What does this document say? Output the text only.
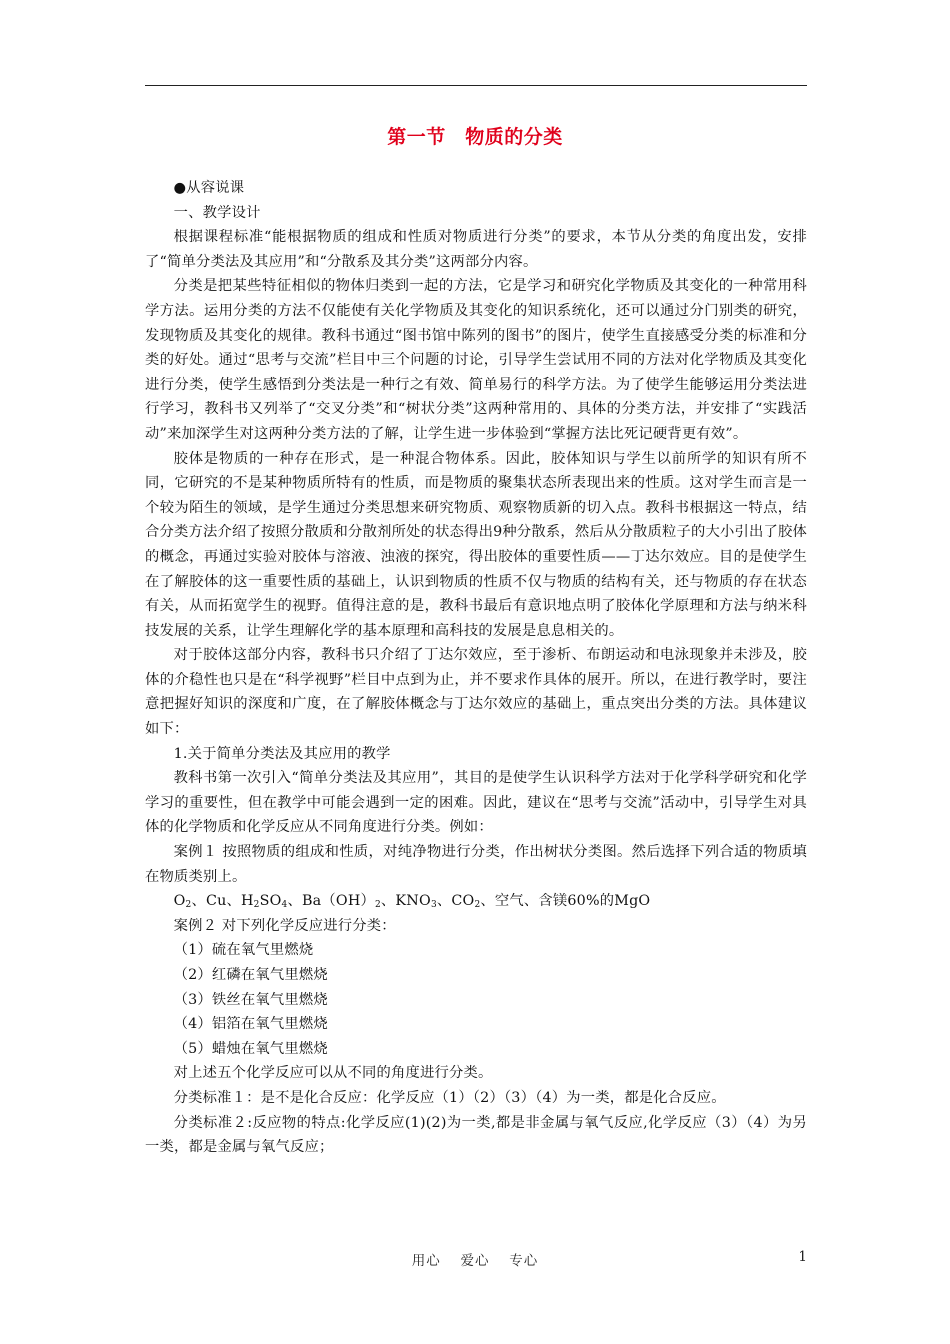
第一节　物质的分类

●从容说课

一、教学设计

根据课程标准“能根据物质的组成和性质对物质进行分类”的要求，本节从分类的角度出发，安排了“简单分类法及其应用”和“分散系及其分类”这两部分内容。

分类是把某些特征相似的物体归类到一起的方法，它是学习和研究化学物质及其变化的一种常用科学方法。运用分类的方法不仅能使有关化学物质及其变化的知识系统化，还可以通过分门别类的研究，发现物质及其变化的规律。教科书通过“图书馆中陈列的图书”的图片，使学生直接感受分类的标准和分类的好处。通过“思考与交流”栏目中三个问题的讨论，引导学生尝试用不同的方法对化学物质及其变化进行分类，使学生感悟到分类法是一种行之有效、简单易行的科学方法。为了使学生能够运用分类法进行学习，教科书又列举了“交叉分类”和“树状分类”这两种常用的、具体的分类方法，并安排了“实践活动”来加深学生对这两种分类方法的了解，让学生进一步体验到“掌握方法比死记硬背更有效”。

胶体是物质的一种存在形式，是一种混合物体系。因此，胶体知识与学生以前所学的知识有所不同，它研究的不是某种物质所特有的性质，而是物质的聚集状态所表现出来的性质。这对学生而言是一个较为陌生的领域，是学生通过分类思想来研究物质、观察物质新的切入点。教科书根据这一特点，结合分类方法介绍了按照分散质和分散剂所处的状态得出9种分散系，然后从分散质粒子的大小引出了胶体的概念，再通过实验对胶体与溶液、浊液的探究，得出胶体的重要性质——丁达尔效应。目的是使学生在了解胶体的这一重要性质的基础上，认识到物质的性质不仅与物质的结构有关，还与物质的存在状态有关，从而拓宽学生的视野。值得注意的是，教科书最后有意识地点明了胶体化学原理和方法与纳米科技发展的关系，让学生理解化学的基本原理和高科技的发展是息息相关的。

对于胶体这部分内容，教科书只介绍了丁达尔效应，至于渗析、布朗运动和电泳现象并未涉及，胶体的介稳性也只是在“科学视野”栏目中点到为止，并不要求作具体的展开。所以，在进行教学时，要注意把握好知识的深度和广度，在了解胶体概念与丁达尔效应的基础上，重点突出分类的方法。具体建议如下：

1.关于简单分类法及其应用的教学

教科书第一次引入“简单分类法及其应用”，其目的是使学生认识科学方法对于化学科学研究和化学学习的重要性，但在教学中可能会遇到一定的困难。因此，建议在“思考与交流”活动中，引导学生对具体的化学物质和化学反应从不同角度进行分类。例如：

案例１ 按照物质的组成和性质，对纯净物进行分类，作出树状分类图。然后选择下列合适的物质填在物质类别上。

$O_2$、Cu、$H_2SO_4$、$Ba(OH)_2$、$KNO_3$、$CO_2$、空气、含镁60%的MgO

案例２ 对下列化学反应进行分类：

（1）硫在氧气里燃烧

（2）红磷在氧气里燃烧

（3）铁丝在氧气里燃烧

（4）铝箔在氧气里燃烧

（5）蜡烛在氧气里燃烧

对上述五个化学反应可以从不同的角度进行分类。

分类标准１：是不是化合反应：化学反应（1）（2）（3）（4）为一类，都是化合反应。

分类标准２:反应物的特点:化学反应(1)(2)为一类,都是非金属与氧气反应,化学反应（3）（4）为另一类，都是金属与氧气反应；

用心　 爱心　 专心	1
